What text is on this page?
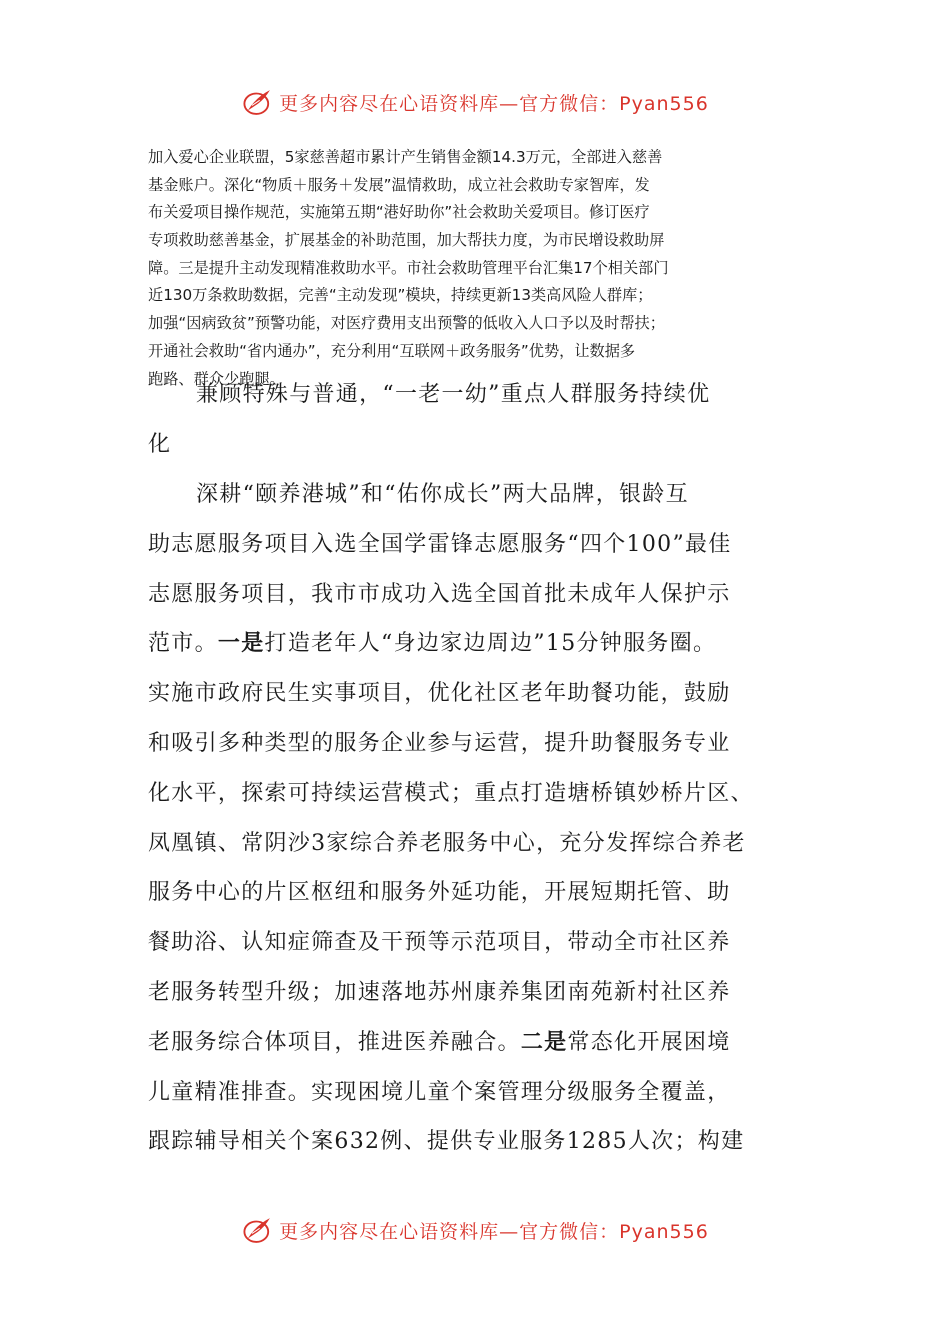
更多内容尽在心语资料库—官方微信：Pyan556
加入爱心企业联盟，5家慈善超市累计产生销售金额14.3万元，全部进入慈善
基金账户。深化“物质＋服务＋发展”温情救助，成立社会救助专家智库，发
布关爱项目操作规范，实施第五期“港好助你”社会救助关爱项目。修订医疗
专项救助慈善基金，扩展基金的补助范围，加大帮扶力度，为市民增设救助屏
障。三是提升主动发现精准救助水平。市社会救助管理平台汇集17个相关部门
近130万条救助数据，完善“主动发现”模块，持续更新13类高风险人群库；
加强“因病致贫”预警功能，对医疗费用支出预警的低收入人口予以及时帮扶；
开通社会救助“省内通办”，充分利用“互联网＋政务服务”优势，让数据多
跑路、群众少跑腿。
兼顾特殊与普通，“一老一幼”重点人群服务持续优
化
深耕“颐养港城”和“佑你成长”两大品牌，银龄互
助志愿服务项目入选全国学雷锋志愿服务“四个100”最佳
志愿服务项目，我市市成功入选全国首批未成年人保护示
范市。一是打造老年人“身边家边周边”15分钟服务圈。
实施市政府民生实事项目，优化社区老年助餐功能，鼓励
和吸引多种类型的服务企业参与运营，提升助餐服务专业
化水平，探索可持续运营模式；重点打造塘桥镇妙桥片区、
凤凰镇、常阴沙3家综合养老服务中心，充分发挥综合养老
服务中心的片区枢纽和服务外延功能，开展短期托管、助
餐助浴、认知症筛查及干预等示范项目，带动全市社区养
老服务转型升级；加速落地苏州康养集团南苑新村社区养
老服务综合体项目，推进医养融合。二是常态化开展困境
儿童精准排查。实现困境儿童个案管理分级服务全覆盖，
跟踪辅导相关个案632例、提供专业服务1285人次；构建
更多内容尽在心语资料库—官方微信：Pyan556
